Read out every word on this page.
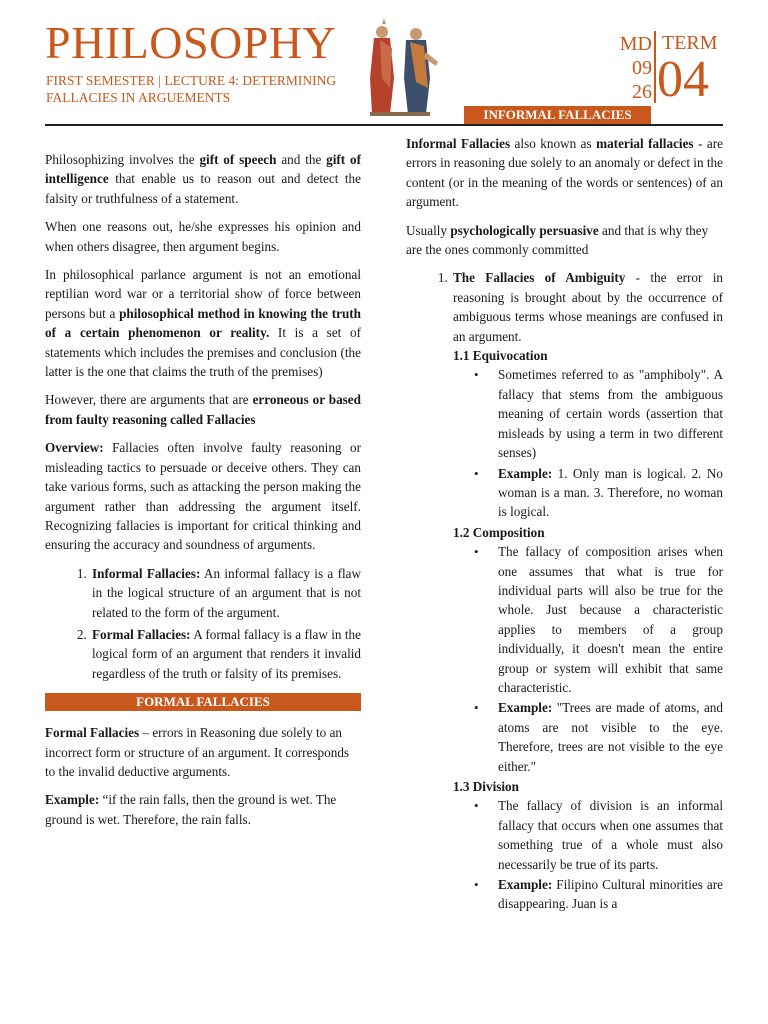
PHILOSOPHY
FIRST SEMESTER | LECTURE 4: DETERMINING FALLACIES IN ARGUEMENTS
MD
09
26
TERM
04
INFORMAL FALLACIES

Philosophizing involves the gift of speech and the gift of intelligence that enable us to reason out and detect the falsity or truthfulness of a statement.

When one reasons out, he/she expresses his opinion and when others disagree, then argument begins.

In philosophical parlance argument is not an emotional reptilian word war or a territorial show of force between persons but a philosophical method in knowing the truth of a certain phenomenon or reality. It is a set of statements which includes the premises and conclusion (the latter is the one that claims the truth of the premises)

However, there are arguments that are erroneous or based from faulty reasoning called Fallacies

Overview: Fallacies often involve faulty reasoning or misleading tactics to persuade or deceive others. They can take various forms, such as attacking the person making the argument rather than addressing the argument itself. Recognizing fallacies is important for critical thinking and ensuring the accuracy and soundness of arguments.

1. Informal Fallacies: An informal fallacy is a flaw in the logical structure of an argument that is not related to the form of the argument.
2. Formal Fallacies: A formal fallacy is a flaw in the logical form of an argument that renders it invalid regardless of the truth or falsity of its premises.
FORMAL FALLACIES

Formal Fallacies – errors in Reasoning due solely to an incorrect form or structure of an argument. It corresponds to the invalid deductive arguments.

Example: “if the rain falls, then the ground is wet. The ground is wet. Therefore, the rain falls.

Informal Fallacies also known as material fallacies - are errors in reasoning due solely to an anomaly or defect in the content (or in the meaning of the words or sentences) of an argument.

Usually psychologically persuasive and that is why they are the ones commonly committed

1. The Fallacies of Ambiguity - the error in reasoning is brought about by the occurrence of ambiguous terms whose meanings are confused in an argument.
1.1 Equivocation
• Sometimes referred to as "amphiboly". A fallacy that stems from the ambiguous meaning of certain words (assertion that misleads by using a term in two different senses)
• Example: 1. Only man is logical. 2. No woman is a man. 3. Therefore, no woman is logical.
1.2 Composition
• The fallacy of composition arises when one assumes that what is true for individual parts will also be true for the whole. Just because a characteristic applies to members of a group individually, it doesn't mean the entire group or system will exhibit that same characteristic.
• Example: "Trees are made of atoms, and atoms are not visible to the eye. Therefore, trees are not visible to the eye either."
1.3 Division
• The fallacy of division is an informal fallacy that occurs when one assumes that something true of a whole must also necessarily be true of its parts.
• Example: Filipino Cultural minorities are disappearing. Juan is a
